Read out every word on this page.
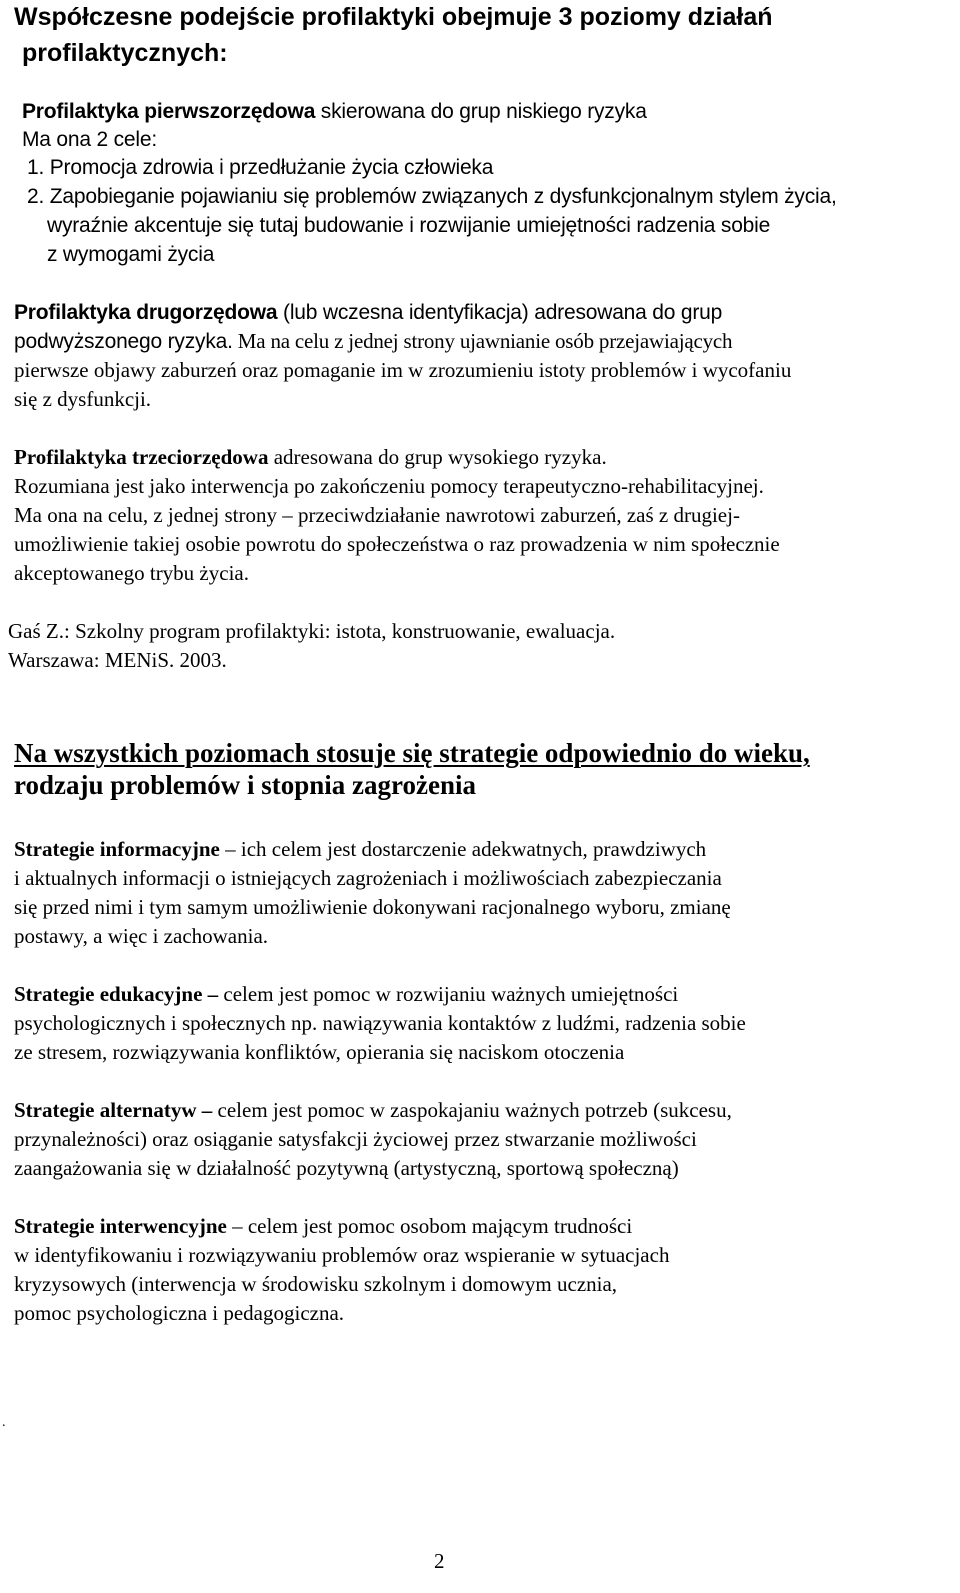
Współczesne podejście profilaktyki obejmuje 3 poziomy działań
profilaktycznych:
Profilaktyka pierwszorzędowa skierowana do grup niskiego ryzyka
Ma ona 2 cele:
1. Promocja zdrowia i przedłużanie życia człowieka
2. Zapobieganie pojawianiu się problemów związanych z dysfunkcjonalnym stylem życia,
wyraźnie akcentuje się tutaj budowanie i rozwijanie umiejętności radzenia sobie
z wymogami życia
Profilaktyka drugorzędowa (lub wczesna identyfikacja) adresowana do grup
podwyższonego ryzyka. Ma na celu z jednej strony ujawnianie osób przejawiających
pierwsze objawy zaburzeń oraz pomaganie im w zrozumieniu istoty problemów i wycofaniu
się z dysfunkcji.
Profilaktyka trzeciorzędowa adresowana do grup wysokiego ryzyka.
Rozumiana jest jako interwencja po zakończeniu pomocy terapeutyczno-rehabilitacyjnej.
Ma ona na celu, z jednej strony – przeciwdziałanie nawrotowi zaburzeń, zaś z drugiej-
umożliwienie takiej osobie powrotu do społeczeństwa o raz prowadzenia w nim społecznie
akceptowanego trybu życia.
Gaś Z.: Szkolny program profilaktyki: istota, konstruowanie, ewaluacja.
Warszawa: MENiS. 2003.
Na wszystkich poziomach stosuje się strategie odpowiednio do wieku,
rodzaju problemów i stopnia zagrożenia
Strategie informacyjne – ich celem jest dostarczenie adekwatnych, prawdziwych
i aktualnych informacji o istniejących zagrożeniach i możliwościach zabezpieczania
się przed nimi i tym samym umożliwienie dokonywani racjonalnego wyboru, zmianę
postawy, a więc i zachowania.
Strategie edukacyjne – celem jest pomoc w rozwijaniu ważnych umiejętności
psychologicznych i społecznych np. nawiązywania kontaktów z ludźmi, radzenia sobie
ze stresem, rozwiązywania konfliktów, opierania się naciskom otoczenia
Strategie alternatyw – celem jest pomoc w zaspokajaniu ważnych potrzeb (sukcesu,
przynależności) oraz osiąganie satysfakcji życiowej przez stwarzanie możliwości
zaangażowania się w działalność pozytywną (artystyczną, sportową społeczną)
Strategie interwencyjne – celem jest pomoc osobom mającym trudności
w identyfikowaniu i rozwiązywaniu problemów oraz wspieranie w sytuacjach
kryzysowych (interwencja w środowisku szkolnym i domowym ucznia,
pomoc psychologiczna i pedagogiczna.
.
2
